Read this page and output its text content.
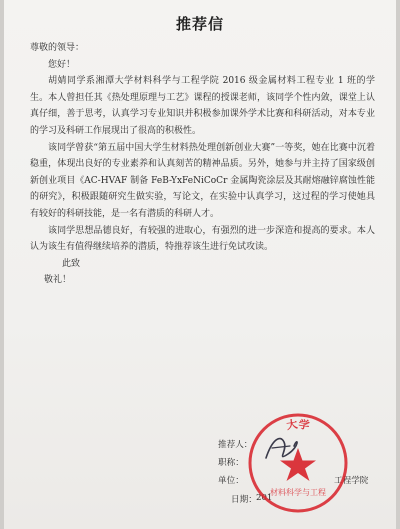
推荐信

尊敬的领导：

您好！

胡婧同学系湘潭大学材料科学与工程学院 2016 级金属材料工程专业 1 班的学生。本人曾担任其《热处理原理与工艺》课程的授课老师，该同学个性内敛，课堂上认真仔细，善于思考，认真学习专业知识并积极参加课外学术比赛和科研活动，对本专业的学习及科研工作展现出了很高的积极性。

该同学曾获“第五届中国大学生材料热处理创新创业大赛”一等奖，她在比赛中沉着稳重，体现出良好的专业素养和认真刻苦的精神品质。另外，她参与并主持了国家级创新创业项目《AC-HVAF 制备 FeB-YxFeNiCoCr 金属陶瓷涂层及其耐熔融锌腐蚀性能的研究》，积极跟随研究生做实验，写论文，在实验中认真学习，这过程的学习使她具有较好的科研技能，是一名有潜质的科研人才。

该同学思想品德良好，有较强的进取心，有强烈的进一步深造和提高的要求。本人认为该生有值得继续培养的潜质，特推荐该生进行免试攻读。

此致

敬礼！

推荐人：
职称：
单位：	工程学院
日期： 201
大学
材料科学与工程
